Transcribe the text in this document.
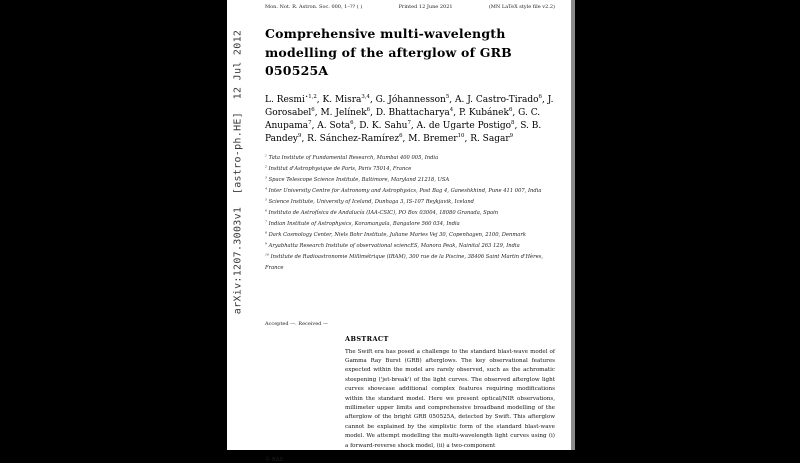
arXiv:1207.3003v1  [astro-ph.HE]  12 Jul 2012
Mon. Not. R. Astron. Soc. 000, 1–?? ( )	Printed 12 June 2021	(MN LaTeX style file v2.2)
Comprehensive multi-wavelength modelling of the afterglow of GRB 050525A
L. Resmi$^{⋆1,2}$, K. Misra$^{3,4}$, G. Jóhannesson$^5$, A. J. Castro-Tirado$^6$, J. Gorosabel$^6$, M. Jelínek$^6$, D. Bhattacharya$^4$, P. Kubánek$^6$, G. C. Anupama$^7$, A. Sota$^6$, D. K. Sahu$^7$, A. de Ugarte Postigo$^8$, S. B. Pandey$^9$, R. Sánchez-Ramírez$^6$, M. Bremer$^{10}$, R. Sagar$^9$
$^1$ Tata Institute of Fundamental Research, Mumbai 400 005, India
$^2$ Institut d'Astrophysique de Paris, Paris 75014, France
$^3$ Space Telescope Science Institute, Baltimore, Maryland 21218, USA
$^4$ Inter University Centre for Astronomy and Astrophysics, Post Bag 4, Ganeshkhind, Pune 411 007, India
$^5$ Science Institute, University of Iceland, Dunhaga 3, IS-107 Reykjavik, Iceland
$^6$ Instituto de Astrofísica de Andalucía (IAA-CSIC), PO Box 03004, 18080 Granada, Spain
$^7$ Indian Institute of Astrophysics, Koramangala, Bangalore 560 034, India
$^8$ Dark Cosmology Center, Niels Bohr Institute, Juliane Maries Vej 30, Copenhagen, 2100, Denmark
$^9$ Aryabhatta Research Institute of observational sciencES, Manora Peak, Nainital 263 129, India
$^{10}$ Institute de Radioastronomie Millimétrique (IRAM), 300 rue de la Piscine, 38406 Saint Martin d'Hères, France
Accepted —. Received —
ABSTRACT
The Swift era has posed a challenge to the standard blast-wave model of Gamma Ray Burst (GRB) afterglows. The key observational features expected within the model are rarely observed, such as the achromatic steepening ('jet-break') of the light curves. The observed afterglow light curves showcase additional complex features requiring modifications within the standard model. Here we present optical/NIR observations, millimeter upper limits and comprehensive broadband modelling of the afterglow of the bright GRB 050525A, detected by Swift. This afterglow cannot be explained by the simplistic form of the standard blast-wave model. We attempt modelling the multi-wavelength light curves using (i) a forward-reverse shock model, (ii) a two-component
© RAS
